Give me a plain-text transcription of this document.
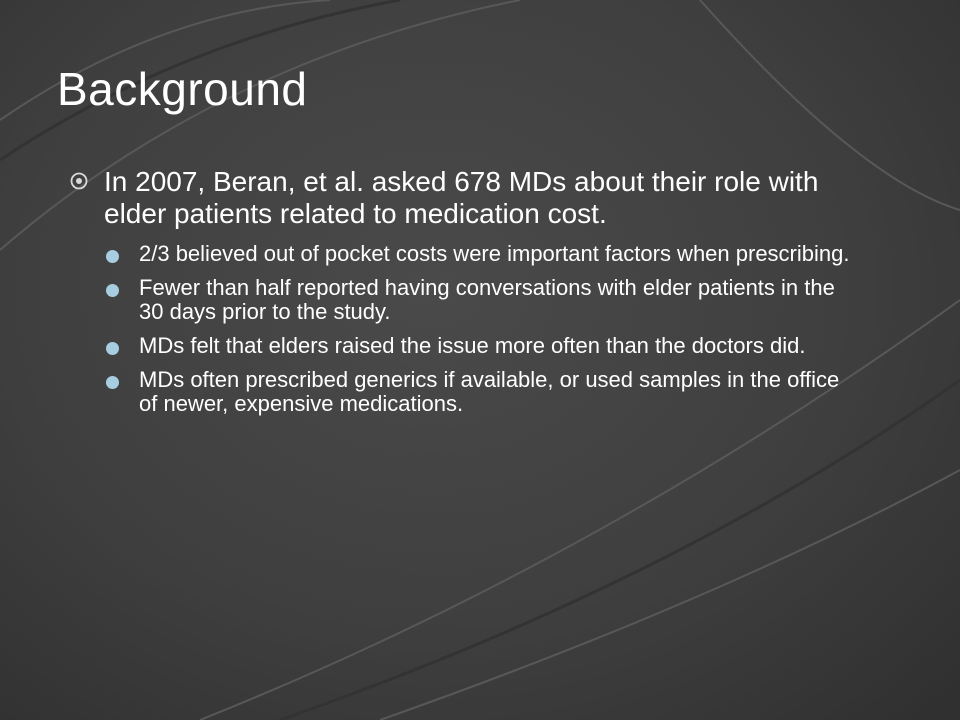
Background
In 2007, Beran, et al. asked 678 MDs about their role with elder patients related to medication cost.
2/3 believed out of pocket costs were important factors when prescribing.
Fewer than half reported having conversations with elder patients in the 30 days prior to the study.
MDs felt that elders raised the issue more often than the doctors did.
MDs often prescribed generics if available, or used samples in the office of newer, expensive medications.
